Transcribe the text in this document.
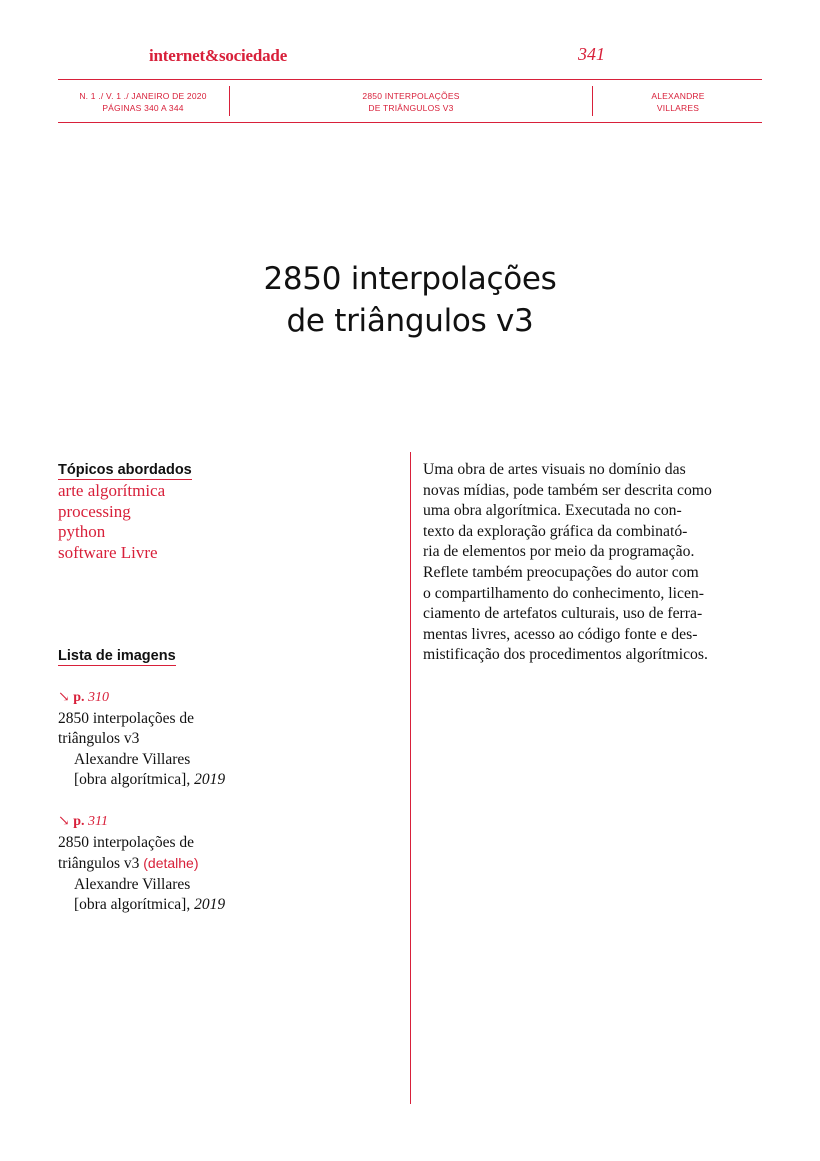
internet&sociedade	341
N. 1 ./ V. 1 ./ JANEIRO DE 2020
PÁGINAS 340 A 344
2850 INTERPOLAÇÕES
DE TRIÂNGULOS V3
ALEXANDRE
VILLARES
2850 interpolações
de triângulos v3
Tópicos abordados
arte algorítmica
processing
python
software Livre
Lista de imagens
↘ p. 310
2850 interpolações de
triângulos v3
Alexandre Villares
[obra algorítmica], 2019
↘ p. 311
2850 interpolações de
triângulos v3 (detalhe)
Alexandre Villares
[obra algorítmica], 2019
Uma obra de artes visuais no domínio das
novas mídias, pode também ser descrita como
uma obra algorítmica. Executada no con-
texto da exploração gráfica da combinató-
ria de elementos por meio da programação.
Reflete também preocupações do autor com
o compartilhamento do conhecimento, licen-
ciamento de artefatos culturais, uso de ferra-
mentas livres, acesso ao código fonte e des-
mistificação dos procedimentos algorítmicos.
